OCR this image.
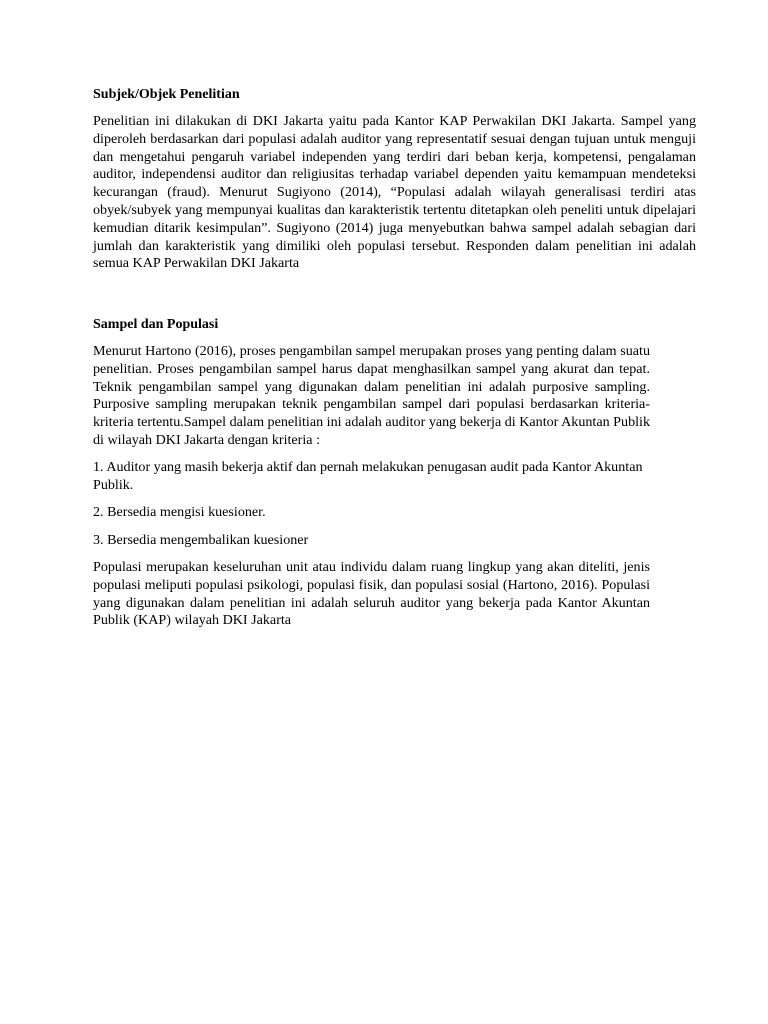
Subjek/Objek Penelitian
Penelitian ini dilakukan di DKI Jakarta yaitu pada Kantor KAP Perwakilan DKI Jakarta. Sampel yang diperoleh berdasarkan dari populasi adalah auditor yang representatif sesuai dengan tujuan untuk menguji dan mengetahui pengaruh variabel independen yang terdiri dari beban kerja, kompetensi, pengalaman auditor, independensi auditor dan religiusitas terhadap variabel dependen yaitu kemampuan mendeteksi kecurangan (fraud). Menurut Sugiyono (2014), “Populasi adalah wilayah generalisasi terdiri atas obyek/subyek yang mempunyai kualitas dan karakteristik tertentu ditetapkan oleh peneliti untuk dipelajari kemudian ditarik kesimpulan”. Sugiyono (2014) juga menyebutkan bahwa sampel adalah sebagian dari jumlah dan karakteristik yang dimiliki oleh populasi tersebut. Responden dalam penelitian ini adalah semua KAP Perwakilan DKI Jakarta
Sampel dan Populasi
Menurut Hartono (2016), proses pengambilan sampel merupakan proses yang penting dalam suatu penelitian. Proses pengambilan sampel harus dapat menghasilkan sampel yang akurat dan tepat. Teknik pengambilan sampel yang digunakan dalam penelitian ini adalah purposive sampling. Purposive sampling merupakan teknik pengambilan sampel dari populasi berdasarkan kriteria-kriteria tertentu.Sampel dalam penelitian ini adalah auditor yang bekerja di Kantor Akuntan Publik di wilayah DKI Jakarta dengan kriteria :
1. Auditor yang masih bekerja aktif dan pernah melakukan penugasan audit pada Kantor Akuntan Publik.
2. Bersedia mengisi kuesioner.
3. Bersedia mengembalikan kuesioner
Populasi merupakan keseluruhan unit atau individu dalam ruang lingkup yang akan diteliti, jenis populasi meliputi populasi psikologi, populasi fisik, dan populasi sosial (Hartono, 2016). Populasi yang digunakan dalam penelitian ini adalah seluruh auditor yang bekerja pada Kantor Akuntan Publik (KAP) wilayah DKI Jakarta
